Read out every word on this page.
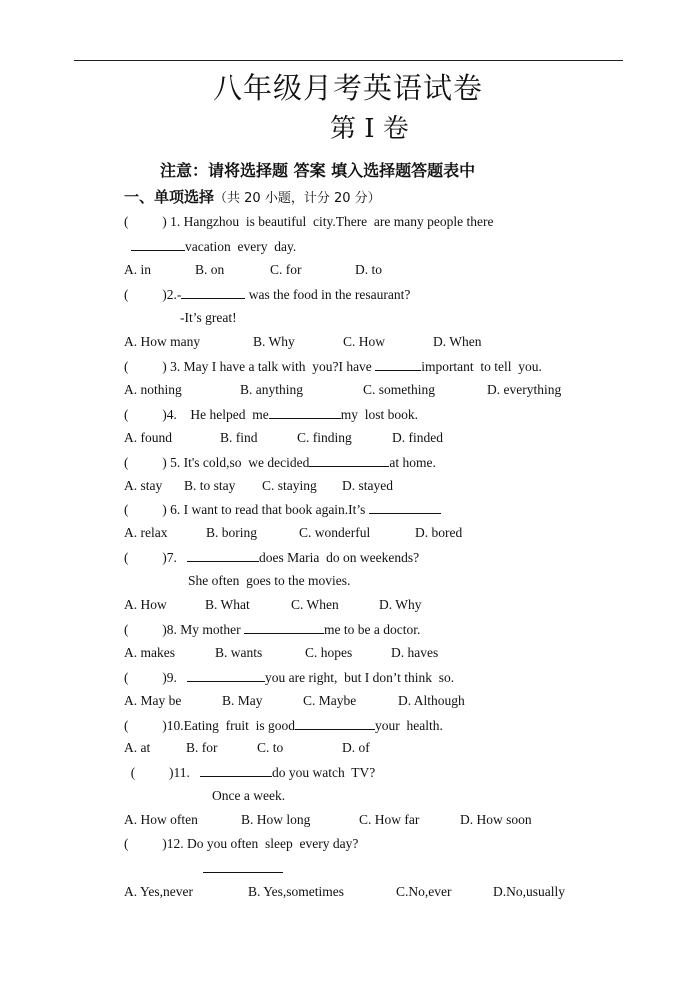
八年级月考英语试卷
第 I 卷
注意：请将选择题 答案 填入选择题答题表中
一、单项选择（共 20 小题，计分 20 分）
(          ) 1. Hangzhou  is beautiful  city.There  are many people there
vacation  every  day.
A. in	B. on	C. for	D. to
(          )2.-	was the food in the resaurant?
-It’s great!
A. How many	B. Why	C. How	D. When
(          ) 3. May I have a talk with  you?I have	important  to tell  you.
A. nothing	B. anything	C. something	D. everything
(          )4.    He helped  me	my  lost book.
A. found	B. find	C. finding	D. finded
(          ) 5. It's cold,so  we decided	at home.
A. stay B. to stay C. staying D. stayed
(          ) 6. I want to read that book again.It’s
A. relax	B. boring	C. wonderful	D. bored
(          )7.	does Maria  do on weekends?
She often  goes to the movies.
A. How	B. What	C. When	D. Why
(          )8. My mother	me to be a doctor.
A. makes	B. wants	C. hopes	D. haves
(          )9.	you are right,  but I don’t think  so.
A. May be	B. May	C. Maybe	D. Although
(          )10.Eating  fruit  is good	your  health.
A. at	B. for	C. to	D. of
(          )11.	do you watch  TV?
Once a week.
A. How often	B. How long	C. How far	D. How soon
(          )12. Do you often  sleep  every day?
A. Yes,never	B. Yes,sometimes	C.No,ever	D.No,usually
